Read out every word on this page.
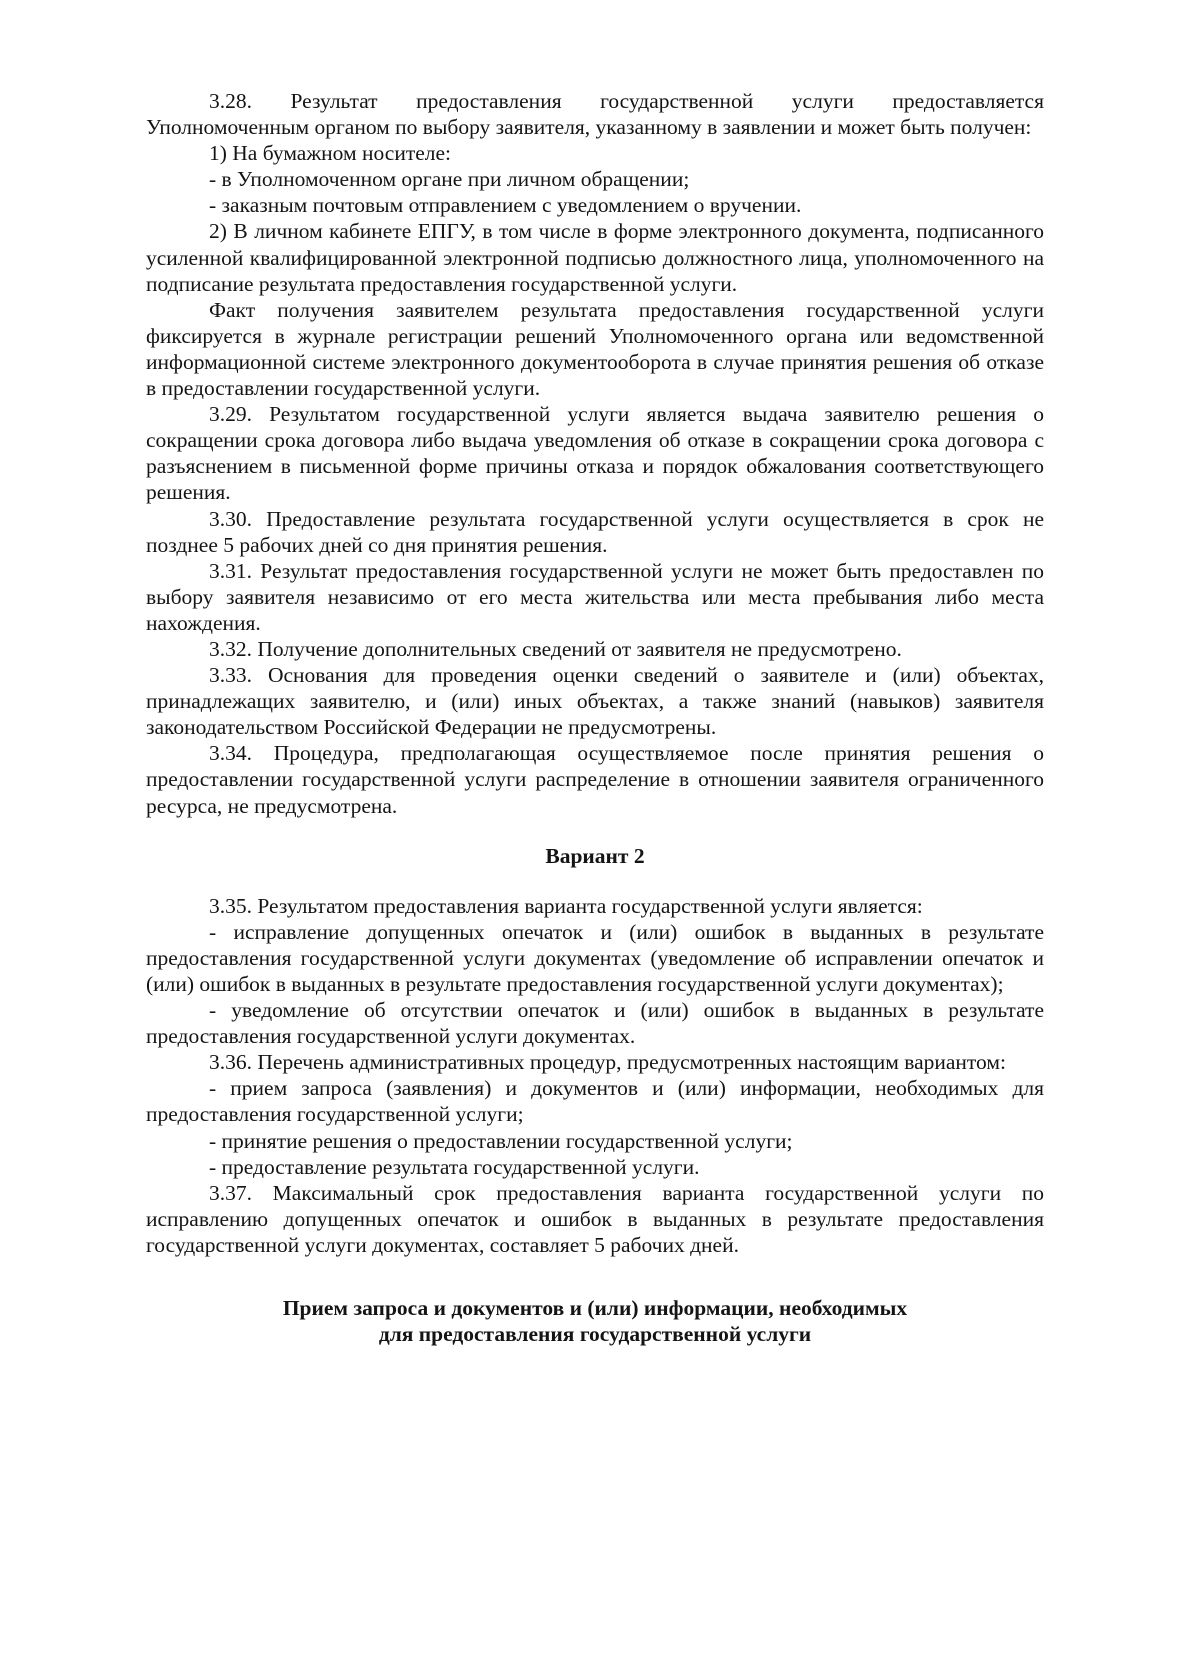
3.28. Результат предоставления государственной услуги предоставляется Уполномоченным органом по выбору заявителя, указанному в заявлении и может быть получен:

1) На бумажном носителе:

- в Уполномоченном органе при личном обращении;

- заказным почтовым отправлением с уведомлением о вручении.

2) В личном кабинете ЕПГУ, в том числе в форме электронного документа, подписанного усиленной квалифицированной электронной подписью должностного лица, уполномоченного на подписание результата предоставления государственной услуги.

Факт получения заявителем результата предоставления государственной услуги фиксируется в журнале регистрации решений Уполномоченного органа или ведомственной информационной системе электронного документооборота в случае принятия решения об отказе в предоставлении государственной услуги.

3.29. Результатом государственной услуги является выдача заявителю решения о сокращении срока договора либо выдача уведомления об отказе в сокращении срока договора с разъяснением в письменной форме причины отказа и порядок обжалования соответствующего решения.

3.30. Предоставление результата государственной услуги осуществляется в срок не позднее 5 рабочих дней со дня принятия решения.

3.31. Результат предоставления государственной услуги не может быть предоставлен по выбору заявителя независимо от его места жительства или места пребывания либо места нахождения.

3.32. Получение дополнительных сведений от заявителя не предусмотрено.

3.33. Основания для проведения оценки сведений о заявителе и (или) объектах, принадлежащих заявителю, и (или) иных объектах, а также знаний (навыков) заявителя законодательством Российской Федерации не предусмотрены.

3.34. Процедура, предполагающая осуществляемое после принятия решения о предоставлении государственной услуги распределение в отношении заявителя ограниченного ресурса, не предусмотрена.

Вариант 2

3.35. Результатом предоставления варианта государственной услуги является:

- исправление допущенных опечаток и (или) ошибок в выданных в результате предоставления государственной услуги документах (уведомление об исправлении опечаток и (или) ошибок в выданных в результате предоставления государственной услуги документах);

- уведомление об отсутствии опечаток и (или) ошибок в выданных в результате предоставления государственной услуги документах.

3.36. Перечень административных процедур, предусмотренных настоящим вариантом:

- прием запроса (заявления) и документов и (или) информации, необходимых для предоставления государственной услуги;

- принятие решения о предоставлении государственной услуги;

- предоставление результата государственной услуги.

3.37. Максимальный срок предоставления варианта государственной услуги по исправлению допущенных опечаток и ошибок в выданных в результате предоставления государственной услуги документах, составляет 5 рабочих дней.

Прием запроса и документов и (или) информации, необходимых
для предоставления государственной услуги
